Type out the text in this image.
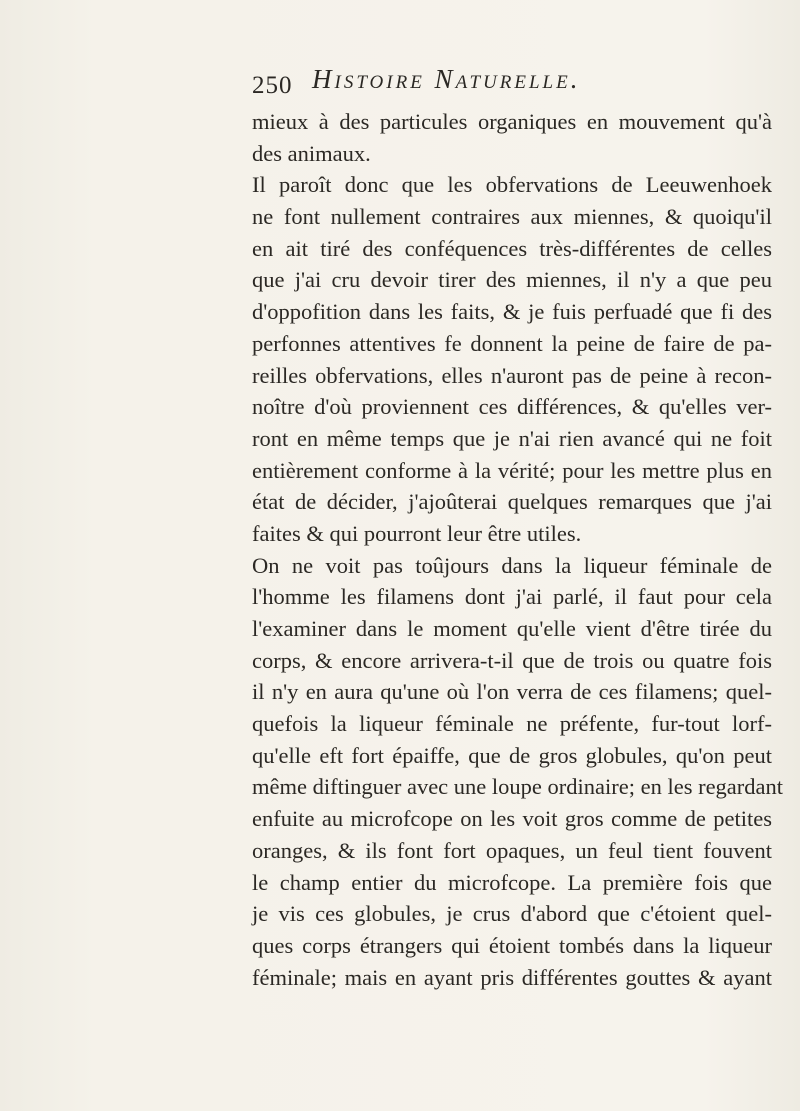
250 Histoire Naturelle.
mieux à des particules organiques en mouvement qu'à
des animaux.
Il paroît donc que les obfervations de Leeuwenhoek
ne font nullement contraires aux miennes, & quoiqu'il
en ait tiré des conféquences très-différentes de celles
que j'ai cru devoir tirer des miennes, il n'y a que peu
d'oppofition dans les faits, & je fuis perfuadé que fi des
perfonnes attentives fe donnent la peine de faire de pa-
reilles obfervations, elles n'auront pas de peine à recon-
noître d'où proviennent ces différences, & qu'elles ver-
ront en même temps que je n'ai rien avancé qui ne foit
entièrement conforme à la vérité; pour les mettre plus en
état de décider, j'ajoûterai quelques remarques que j'ai
faites & qui pourront leur être utiles.
On ne voit pas toûjours dans la liqueur féminale de
l'homme les filamens dont j'ai parlé, il faut pour cela
l'examiner dans le moment qu'elle vient d'être tirée du
corps, & encore arrivera-t-il que de trois ou quatre fois
il n'y en aura qu'une où l'on verra de ces filamens; quel-
quefois la liqueur féminale ne préfente, fur-tout lorf-
qu'elle eft fort épaiffe, que de gros globules, qu'on peut
même diftinguer avec une loupe ordinaire; en les regardant
enfuite au microfcope on les voit gros comme de petites
oranges, & ils font fort opaques, un feul tient fouvent
le champ entier du microfcope. La première fois que
je vis ces globules, je crus d'abord que c'étoient quel-
ques corps étrangers qui étoient tombés dans la liqueur
féminale; mais en ayant pris différentes gouttes & ayant
